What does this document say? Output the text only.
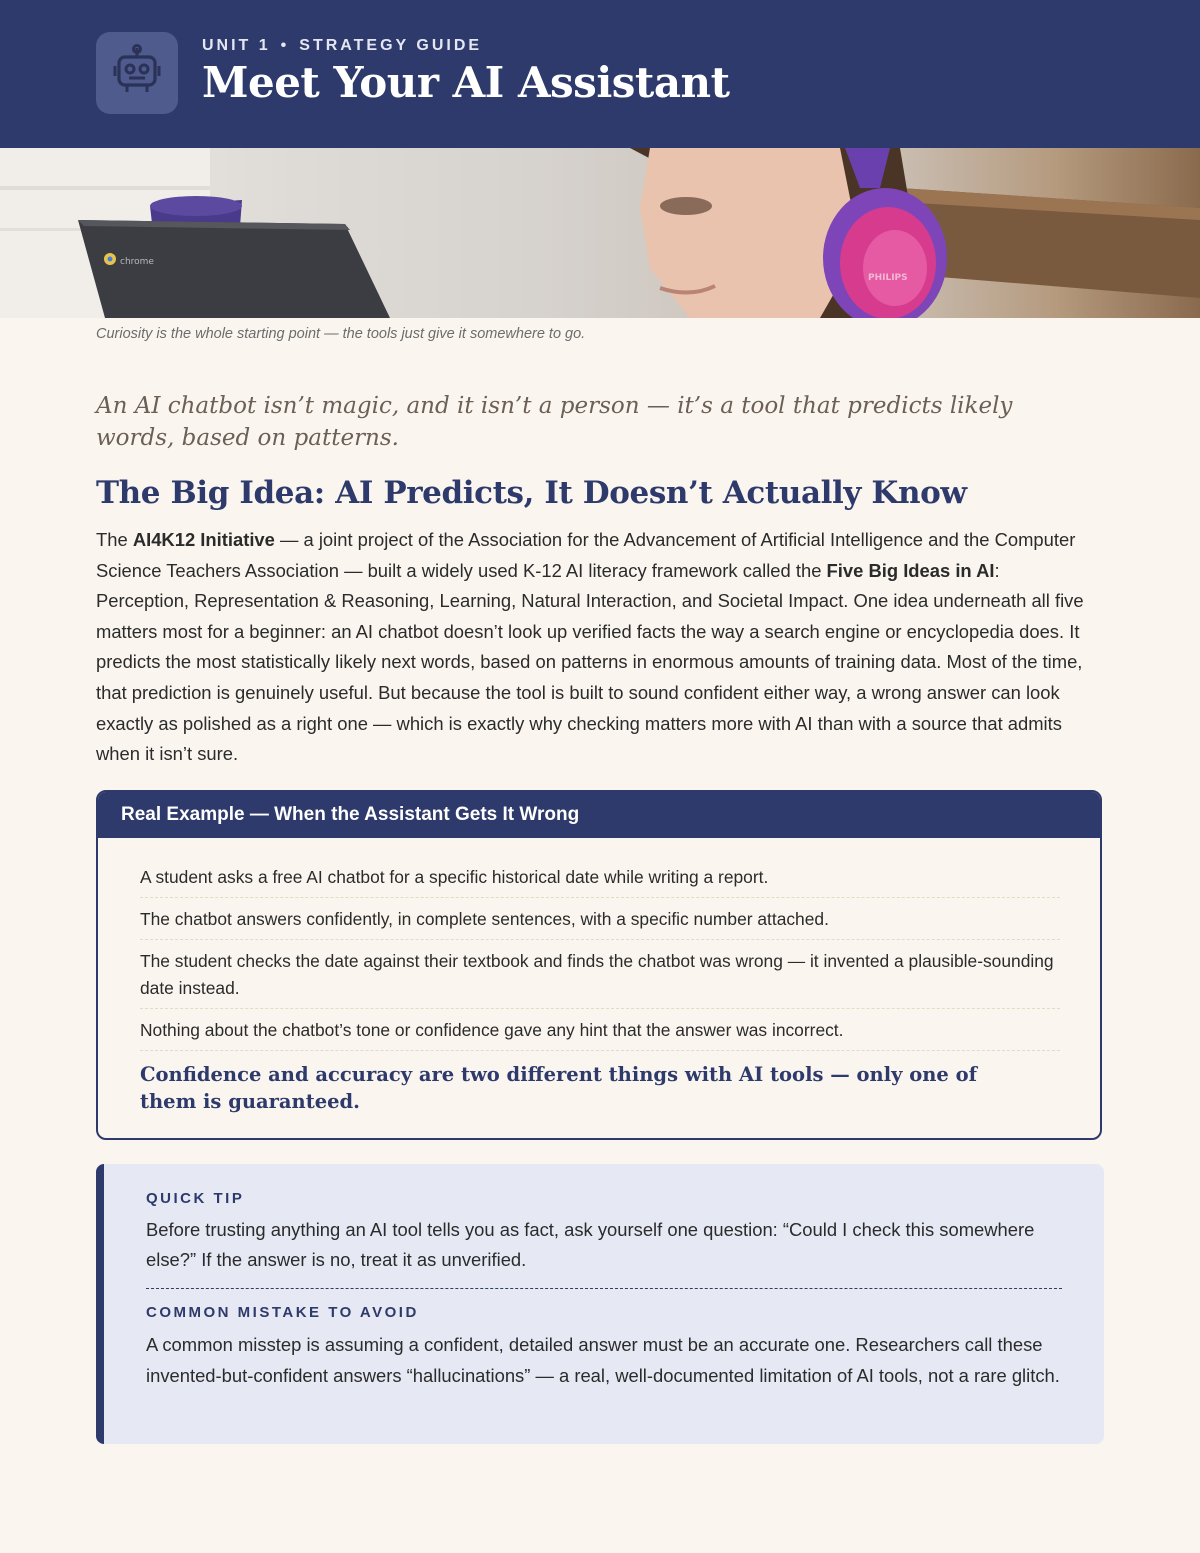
UNIT 1 • STRATEGY GUIDE
Meet Your AI Assistant
chrome
PHILIPS
Curiosity is the whole starting point — the tools just give it somewhere to go.

An AI chatbot isn’t magic, and it isn’t a person — it’s a tool that predicts likely words, based on patterns.

The Big Idea: AI Predicts, It Doesn’t Actually Know

The AI4K12 Initiative — a joint project of the Association for the Advancement of Artificial Intelligence and the Computer Science Teachers Association — built a widely used K-12 AI literacy framework called the Five Big Ideas in AI: Perception, Representation & Reasoning, Learning, Natural Interaction, and Societal Impact. One idea underneath all five matters most for a beginner: an AI chatbot doesn’t look up verified facts the way a search engine or encyclopedia does. It predicts the most statistically likely next words, based on patterns in enormous amounts of training data. Most of the time, that prediction is genuinely useful. But because the tool is built to sound confident either way, a wrong answer can look exactly as polished as a right one — which is exactly why checking matters more with AI than with a source that admits when it isn’t sure.

Real Example — When the Assistant Gets It Wrong
A student asks a free AI chatbot for a specific historical date while writing a report.
The chatbot answers confidently, in complete sentences, with a specific number attached.
The student checks the date against their textbook and finds the chatbot was wrong — it invented a plausible-sounding date instead.
Nothing about the chatbot’s tone or confidence gave any hint that the answer was incorrect.
Confidence and accuracy are two different things with AI tools — only one of them is guaranteed.
QUICK TIP

Before trusting anything an AI tool tells you as fact, ask yourself one question: “Could I check this somewhere else?” If the answer is no, treat it as unverified.

COMMON MISTAKE TO AVOID

A common misstep is assuming a confident, detailed answer must be an accurate one. Researchers call these invented-but-confident answers “hallucinations” — a real, well-documented limitation of AI tools, not a rare glitch.
